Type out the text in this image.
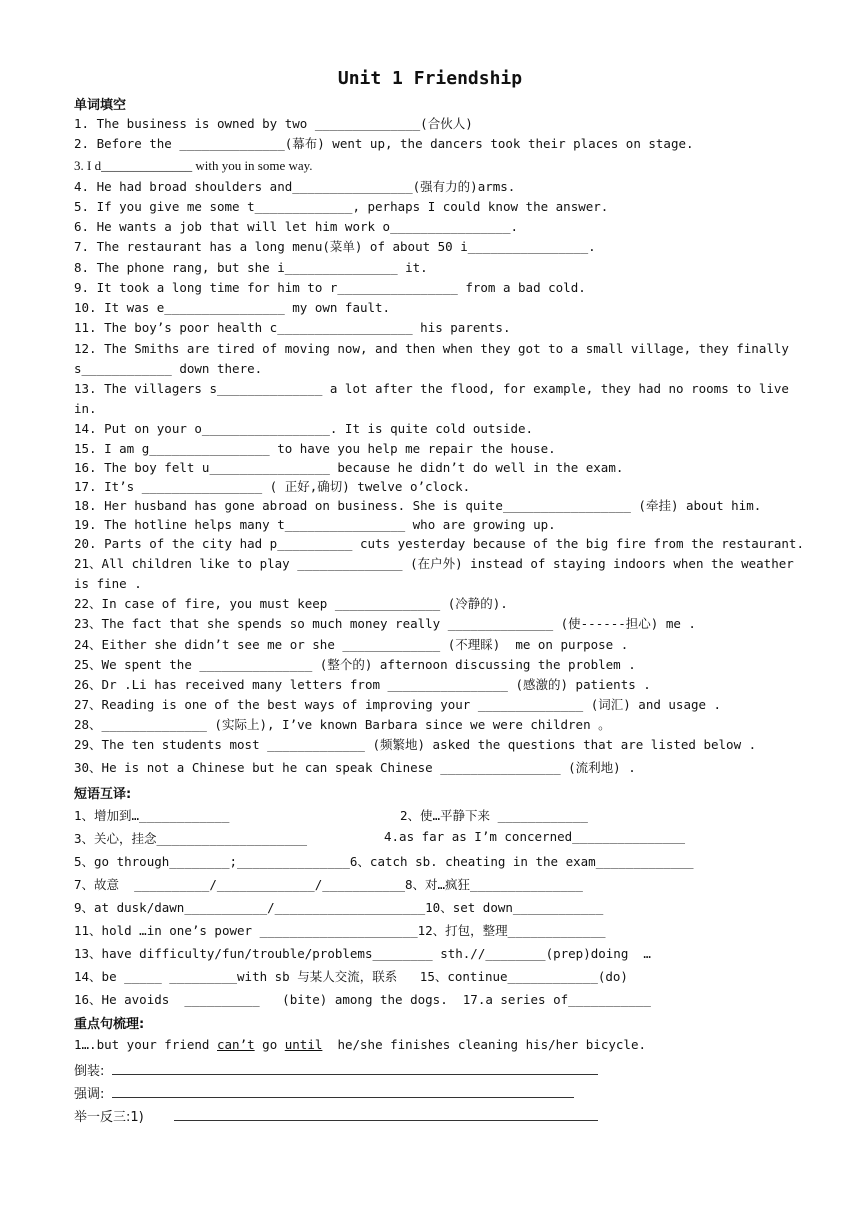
Unit 1 Friendship
单词填空
1. The business is owned by two ______________(合伙人)
2. Before the ______________(幕布) went up, the dancers took their places on stage.
3. I d______________ with you in some way.
4. He had broad shoulders and________________(强有力的)arms.
5. If you give me some t_____________, perhaps I could know the answer.
6. He wants a job that will let him work o________________.
7. The restaurant has a long menu(菜单) of about 50 i________________.
8. The phone rang, but she i_______________ it.
9. It took a long time for him to r________________ from a bad cold.
10. It was e________________ my own fault.
11. The boy’s poor health c__________________ his parents.
12. The Smiths are tired of moving now, and then when they got to a small village, they finally
s____________ down there.
13. The villagers s______________ a lot after the flood, for example, they had no rooms to live
in.
14. Put on your o_________________. It is quite cold outside.
15. I am g________________ to have you help me repair the house.
16. The boy felt u________________ because he didn’t do well in the exam.
17. It’s ________________ ( 正好,确切) twelve o’clock.
18. Her husband has gone abroad on business. She is quite_________________ (牵挂) about him.
19. The hotline helps many t________________ who are growing up.
20. Parts of the city had p__________ cuts yesterday because of the big fire from the restaurant.
21、All children like to play ______________ (在户外) instead of staying indoors when the weather
is fine .
22、In case of fire, you must keep ______________ (冷静的).
23、The fact that she spends so much money really ______________ (使------担心) me .
24、Either she didn’t see me or she _____________ (不理睬)  me on purpose .
25、We spent the _______________ (整个的) afternoon discussing the problem .
26、Dr .Li has received many letters from ________________ (感激的) patients .
27、Reading is one of the best ways of improving your ______________ (词汇) and usage .
28、______________ (实际上), I’ve known Barbara since we were children 。
29、The ten students most _____________ (频繁地) asked the questions that are listed below .
30、He is not a Chinese but he can speak Chinese ________________ (流利地) .
短语互译:
1、增加到…____________	2、使…平静下来 ____________
3、关心，挂念____________________	4.as far as I’m concerned_______________
5、go through________;_______________6、catch sb. cheating in the exam_____________
7、故意  __________/_____________/___________8、对…疯狂_______________
9、at dusk/dawn___________/____________________10、set down____________
11、hold …in one’s power _____________________12、打包，整理_____________
13、have difficulty/fun/trouble/problems________ sth.//________(prep)doing  …
14、be _____ _________with sb 与某人交流，联系   15、continue____________(do)
16、He avoids  __________   (bite) among the dogs.  17.a series of___________
重点句梳理:
1….but your friend can’t go until  he/she finishes cleaning his/her bicycle.
倒装:
强调:
举一反三:1)
